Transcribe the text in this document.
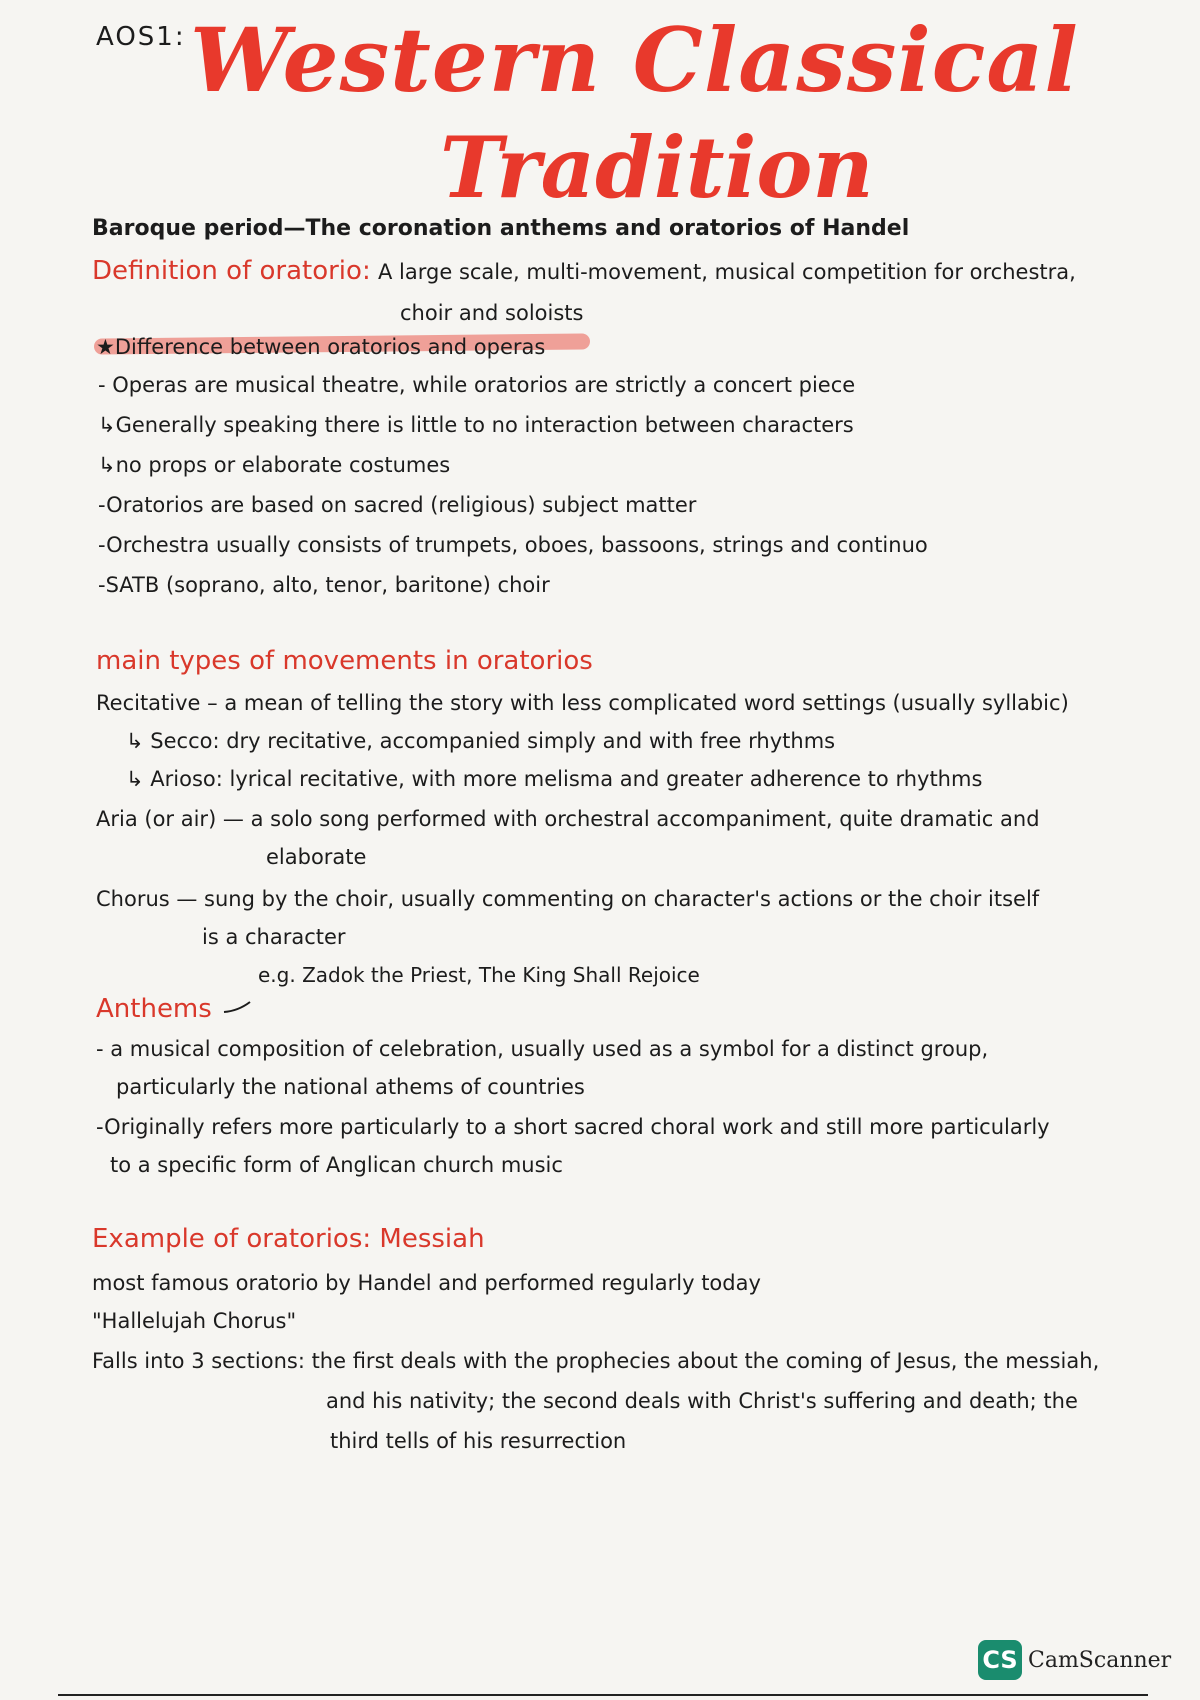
AOS1: Western Classical
Tradition
Baroque period—The coronation anthems and oratorios of Handel
Definition of oratorio: A large scale, multi-movement, musical competition for orchestra,
choir and soloists
★Difference between oratorios and operas
- Operas are musical theatre, while oratorios are strictly a concert piece
↳Generally speaking there is little to no interaction between characters
↳no props or elaborate costumes
-Oratorios are based on sacred (religious) subject matter
-Orchestra usually consists of trumpets, oboes, bassoons, strings and continuo
-SATB (soprano, alto, tenor, baritone) choir
main types of movements in oratorios
Recitative – a mean of telling the story with less complicated word settings (usually syllabic)
↳ Secco: dry recitative, accompanied simply and with free rhythms
↳ Arioso: lyrical recitative, with more melisma and greater adherence to rhythms
Aria (or air) — a solo song performed with orchestral accompaniment, quite dramatic and
elaborate
Chorus — sung by the choir, usually commenting on character's actions or the choir itself
is a character
e.g. Zadok the Priest, The King Shall Rejoice
Anthems
- a musical composition of celebration, usually used as a symbol for a distinct group,
particularly the national athems of countries
-Originally refers more particularly to a short sacred choral work and still more particularly
to a specific form of Anglican church music
Example of oratorios: Messiah
most famous oratorio by Handel and performed regularly today
"Hallelujah Chorus"
Falls into 3 sections: the first deals with the prophecies about the coming of Jesus, the messiah,
and his nativity; the second deals with Christ's suffering and death; the
third tells of his resurrection
CS CamScanner
